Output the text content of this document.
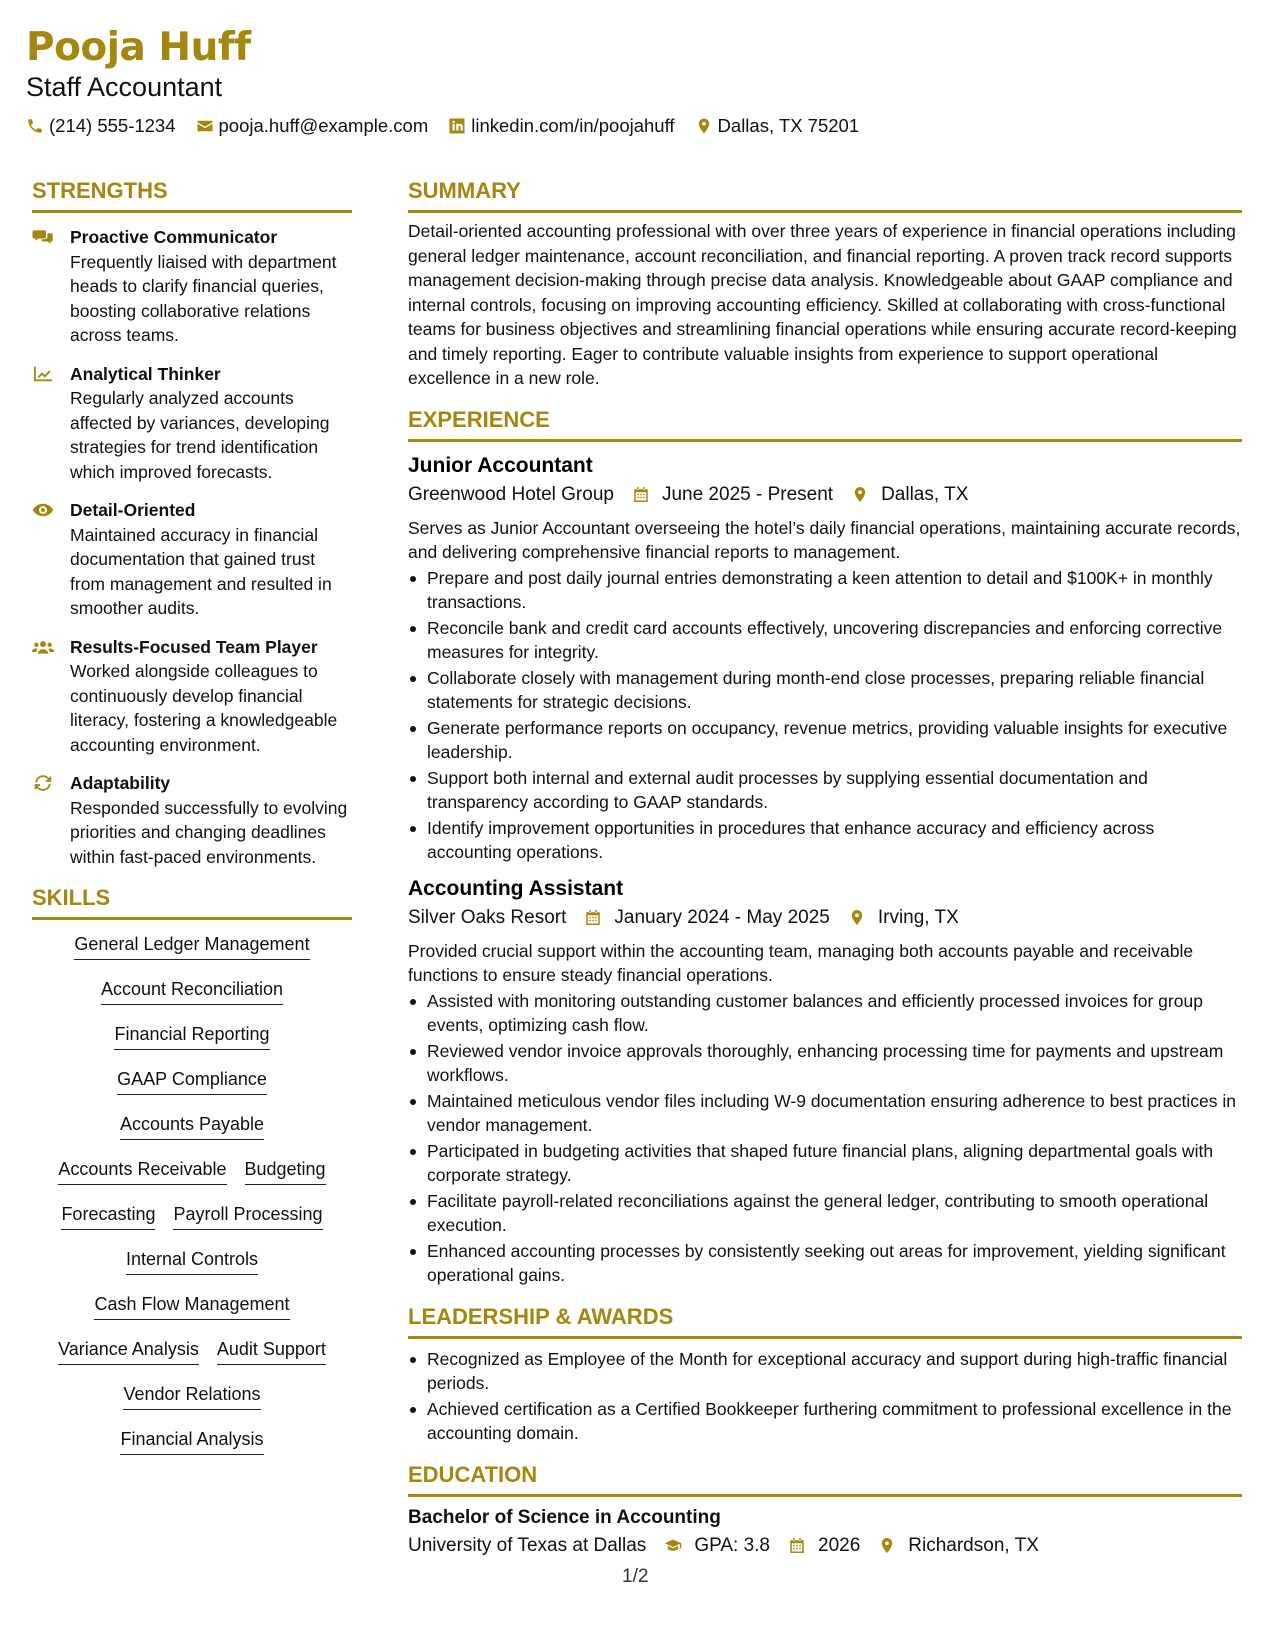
Pooja Huff
Staff Accountant
(214) 555-1234 pooja.huff@example.com linkedin.com/in/poojahuff Dallas, TX 75201
STRENGTHS
Proactive Communicator
Frequently liaised with department heads to clarify financial queries, boosting collaborative relations across teams.
Analytical Thinker
Regularly analyzed accounts affected by variances, developing strategies for trend identification which improved forecasts.
Detail-Oriented
Maintained accuracy in financial documentation that gained trust from management and resulted in smoother audits.
Results-Focused Team Player
Worked alongside colleagues to continuously develop financial literacy, fostering a knowledgeable accounting environment.
Adaptability
Responded successfully to evolving priorities and changing deadlines within fast-paced environments.
SKILLS
General Ledger Management
Account Reconciliation
Financial Reporting
GAAP Compliance
Accounts Payable
Accounts Receivable Budgeting
Forecasting Payroll Processing
Internal Controls
Cash Flow Management
Variance Analysis Audit Support
Vendor Relations
Financial Analysis
SUMMARY
Detail-oriented accounting professional with over three years of experience in financial operations including general ledger maintenance, account reconciliation, and financial reporting. A proven track record supports management decision-making through precise data analysis. Knowledgeable about GAAP compliance and internal controls, focusing on improving accounting efficiency. Skilled at collaborating with cross-functional teams for business objectives and streamlining financial operations while ensuring accurate record-keeping and timely reporting. Eager to contribute valuable insights from experience to support operational excellence in a new role.
EXPERIENCE
Junior Accountant
Greenwood Hotel Group	June 2025 - Present	Dallas, TX
Serves as Junior Accountant overseeing the hotel’s daily financial operations, maintaining accurate records, and delivering comprehensive financial reports to management.
Prepare and post daily journal entries demonstrating a keen attention to detail and $100K+ in monthly transactions.
Reconcile bank and credit card accounts effectively, uncovering discrepancies and enforcing corrective measures for integrity.
Collaborate closely with management during month-end close processes, preparing reliable financial statements for strategic decisions.
Generate performance reports on occupancy, revenue metrics, providing valuable insights for executive leadership.
Support both internal and external audit processes by supplying essential documentation and transparency according to GAAP standards.
Identify improvement opportunities in procedures that enhance accuracy and efficiency across accounting operations.
Accounting Assistant
Silver Oaks Resort	January 2024 - May 2025	Irving, TX
Provided crucial support within the accounting team, managing both accounts payable and receivable functions to ensure steady financial operations.
Assisted with monitoring outstanding customer balances and efficiently processed invoices for group events, optimizing cash flow.
Reviewed vendor invoice approvals thoroughly, enhancing processing time for payments and upstream workflows.
Maintained meticulous vendor files including W-9 documentation ensuring adherence to best practices in vendor management.
Participated in budgeting activities that shaped future financial plans, aligning departmental goals with corporate strategy.
Facilitate payroll-related reconciliations against the general ledger, contributing to smooth operational execution.
Enhanced accounting processes by consistently seeking out areas for improvement, yielding significant operational gains.
LEADERSHIP & AWARDS
Recognized as Employee of the Month for exceptional accuracy and support during high-traffic financial periods.
Achieved certification as a Certified Bookkeeper furthering commitment to professional excellence in the accounting domain.
EDUCATION
Bachelor of Science in Accounting
University of Texas at Dallas	GPA: 3.8	2026	Richardson, TX
1/2
